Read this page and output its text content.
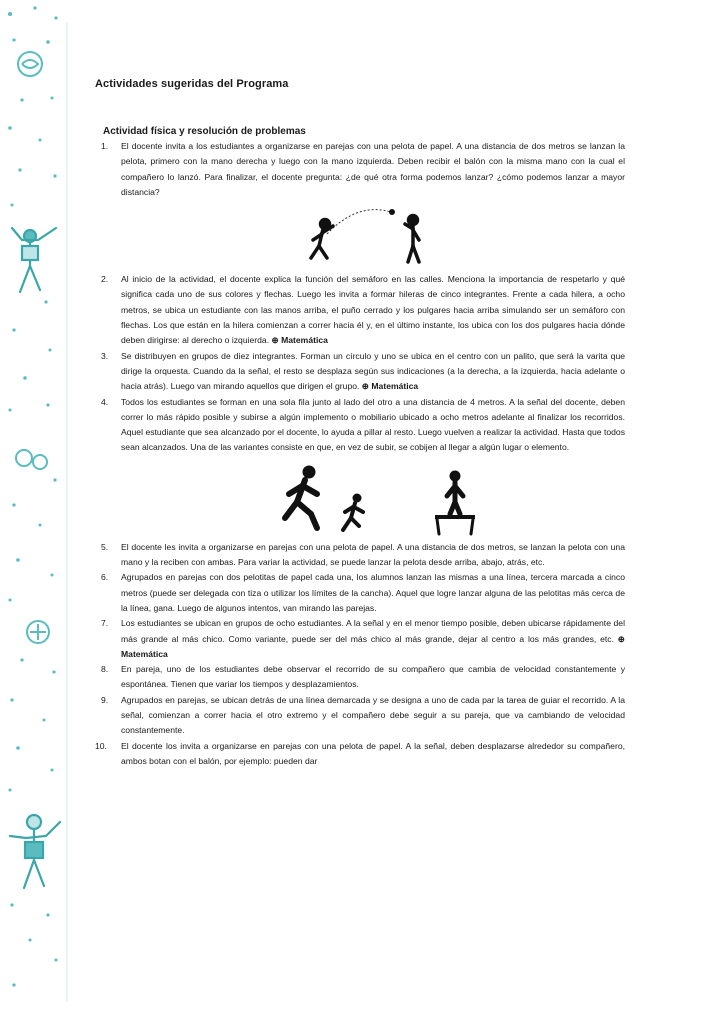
Actividades sugeridas del Programa
Actividad física y resolución de problemas
1. El docente invita a los estudiantes a organizarse en parejas con una pelota de papel. A una distancia de dos metros se lanzan la pelota, primero con la mano derecha y luego con la mano izquierda. Deben recibir el balón con la misma mano con la cual el compañero lo lanzó. Para finalizar, el docente pregunta: ¿de qué otra forma podemos lanzar? ¿cómo podemos lanzar a mayor distancia?
2. Al inicio de la actividad, el docente explica la función del semáforo en las calles. Menciona la importancia de respetarlo y qué significa cada uno de sus colores y flechas. Luego les invita a formar hileras de cinco integrantes. Frente a cada hilera, a ocho metros, se ubica un estudiante con las manos arriba, el puño cerrado y los pulgares hacia arriba simulando ser un semáforo con flechas. Los que están en la hilera comienzan a correr hacia él y, en el último instante, los ubica con los dos pulgares hacia dónde deben dirigirse: al derecho o izquierda. ⊕ Matemática
3. Se distribuyen en grupos de diez integrantes. Forman un círculo y uno se ubica en el centro con un palito, que será la varita que dirige la orquesta. Cuando da la señal, el resto se desplaza según sus indicaciones (a la derecha, a la izquierda, hacia adelante o hacia atrás). Luego van mirando aquellos que dirigen el grupo. ⊕ Matemática
4. Todos los estudiantes se forman en una sola fila junto al lado del otro a una distancia de 4 metros. A la señal del docente, deben correr lo más rápido posible y subirse a algún implemento o mobiliario ubicado a ocho metros adelante al finalizar los recorridos. Aquel estudiante que sea alcanzado por el docente, lo ayuda a pillar al resto. Luego vuelven a realizar la actividad. Hasta que todos sean alcanzados. Una de las variantes consiste en que, en vez de subir, se cobijen al llegar a algún lugar o elemento.
5. El docente les invita a organizarse en parejas con una pelota de papel. A una distancia de dos metros, se lanzan la pelota con una mano y la reciben con ambas. Para variar la actividad, se puede lanzar la pelota desde arriba, abajo, atrás, etc.
6. Agrupados en parejas con dos pelotitas de papel cada una, los alumnos lanzan las mismas a una línea, tercera marcada a cinco metros (puede ser delegada con tiza o utilizar los límites de la cancha). Aquel que logre lanzar alguna de las pelotitas más cerca de la línea, gana. Luego de algunos intentos, van mirando las parejas.
7. Los estudiantes se ubican en grupos de ocho estudiantes. A la señal y en el menor tiempo posible, deben ubicarse rápidamente del más grande al más chico. Como variante, puede ser del más chico al más grande, dejar al centro a los más grandes, etc. ⊕ Matemática
8. En pareja, uno de los estudiantes debe observar el recorrido de su compañero que cambia de velocidad constantemente y espontánea. Tienen que variar los tiempos y desplazamientos.
9. Agrupados en parejas, se ubican detrás de una línea demarcada y se designa a uno de cada par la tarea de guiar el recorrido. A la señal, comienzan a correr hacia el otro extremo y el compañero debe seguir a su pareja, que va cambiando de velocidad constantemente.
10. El docente los invita a organizarse en parejas con una pelota de papel. A la señal, deben desplazarse alrededor su compañero, ambos botan con el balón, por ejemplo: pueden dar
